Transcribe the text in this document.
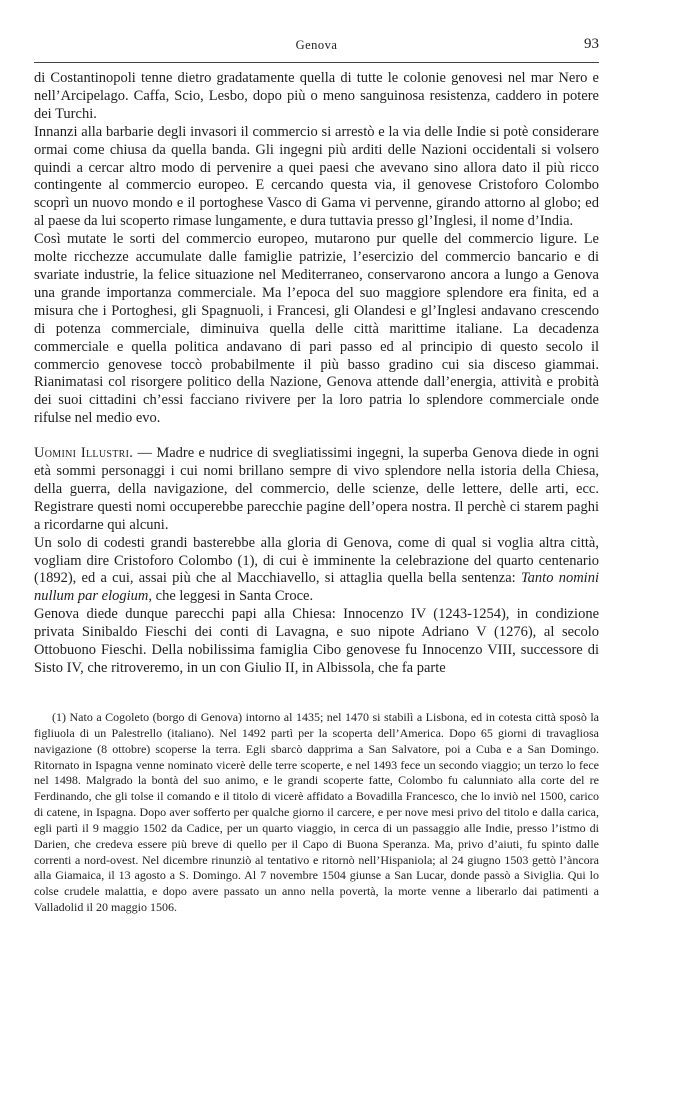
Genova	93

di Costantinopoli tenne dietro gradatamente quella di tutte le colonie genovesi nel mar Nero e nell’Arcipelago. Caffa, Scio, Lesbo, dopo più o meno sanguinosa resistenza, caddero in potere dei Turchi.

Innanzi alla barbarie degli invasori il commercio si arrestò e la via delle Indie si potè considerare ormai come chiusa da quella banda. Gli ingegni più arditi delle Nazioni occidentali si volsero quindi a cercar altro modo di pervenire a quei paesi che avevano sino allora dato il più ricco contingente al commercio europeo. E cercando questa via, il genovese Cristoforo Colombo scoprì un nuovo mondo e il portoghese Vasco di Gama vi pervenne, girando attorno al globo; ed al paese da lui scoperto rimase lungamente, e dura tuttavia presso gl’Inglesi, il nome d’India.

Così mutate le sorti del commercio europeo, mutarono pur quelle del commercio ligure. Le molte ricchezze accumulate dalle famiglie patrizie, l’esercizio del commercio bancario e di svariate industrie, la felice situazione nel Mediterraneo, conservarono ancora a lungo a Genova una grande importanza commerciale. Ma l’epoca del suo maggiore splendore era finita, ed a misura che i Portoghesi, gli Spagnuoli, i Francesi, gli Olandesi e gl’Inglesi andavano crescendo di potenza commerciale, diminuiva quella delle città marittime italiane. La decadenza commerciale e quella politica andavano di pari passo ed al principio di questo secolo il commercio genovese toccò probabilmente il più basso gradino cui sia disceso giammai. Rianimatasi col risorgere politico della Nazione, Genova attende dall’energia, attività e probità dei suoi cittadini ch’essi facciano rivivere per la loro patria lo splendore commerciale onde rifulse nel medio evo.

Uomini Illustri. — Madre e nudrice di svegliatissimi ingegni, la superba Genova diede in ogni età sommi personaggi i cui nomi brillano sempre di vivo splendore nella istoria della Chiesa, della guerra, della navigazione, del commercio, delle scienze, delle lettere, delle arti, ecc. Registrare questi nomi occuperebbe parecchie pagine dell’opera nostra. Il perchè ci starem paghi a ricordarne qui alcuni.

Un solo di codesti grandi basterebbe alla gloria di Genova, come di qual si voglia altra città, vogliam dire Cristoforo Colombo (1), di cui è imminente la celebrazione del quarto centenario (1892), ed a cui, assai più che al Macchiavello, si attaglia quella bella sentenza: Tanto nomini nullum par elogium, che leggesi in Santa Croce.

Genova diede dunque parecchi papi alla Chiesa: Innocenzo IV (1243-1254), in condizione privata Sinibaldo Fieschi dei conti di Lavagna, e suo nipote Adriano V (1276), al secolo Ottobuono Fieschi. Della nobilissima famiglia Cibo genovese fu Innocenzo VIII, successore di Sisto IV, che ritroveremo, in un con Giulio II, in Albissola, che fa parte

(1) Nato a Cogoleto (borgo di Genova) intorno al 1435; nel 1470 si stabilì a Lisbona, ed in cotesta città sposò la figliuola di un Palestrello (italiano). Nel 1492 partì per la scoperta dell’America. Dopo 65 giorni di travagliosa navigazione (8 ottobre) scoperse la terra. Egli sbarcò dapprima a San Salvatore, poi a Cuba e a San Domingo. Ritornato in Ispagna venne nominato vicerè delle terre scoperte, e nel 1493 fece un secondo viaggio; un terzo lo fece nel 1498. Malgrado la bontà del suo animo, e le grandi scoperte fatte, Colombo fu calunniato alla corte del re Ferdinando, che gli tolse il comando e il titolo di vicerè affidato a Bovadilla Francesco, che lo inviò nel 1500, carico di catene, in Ispagna. Dopo aver sofferto per qualche giorno il carcere, e per nove mesi privo del titolo e dalla carica, egli partì il 9 maggio 1502 da Cadice, per un quarto viaggio, in cerca di un passaggio alle Indie, presso l’istmo di Darien, che credeva essere più breve di quello per il Capo di Buona Speranza. Ma, privo d’aiuti, fu spinto dalle correnti a nord-ovest. Nel dicembre rinunziò al tentativo e ritornò nell’Hispaniola; al 24 giugno 1503 gettò l’àncora alla Giamaica, il 13 agosto a S. Domingo. Al 7 novembre 1504 giunse a San Lucar, donde passò a Siviglia. Qui lo colse crudele malattia, e dopo avere passato un anno nella povertà, la morte venne a liberarlo dai patimenti a Valladolid il 20 maggio 1506.
